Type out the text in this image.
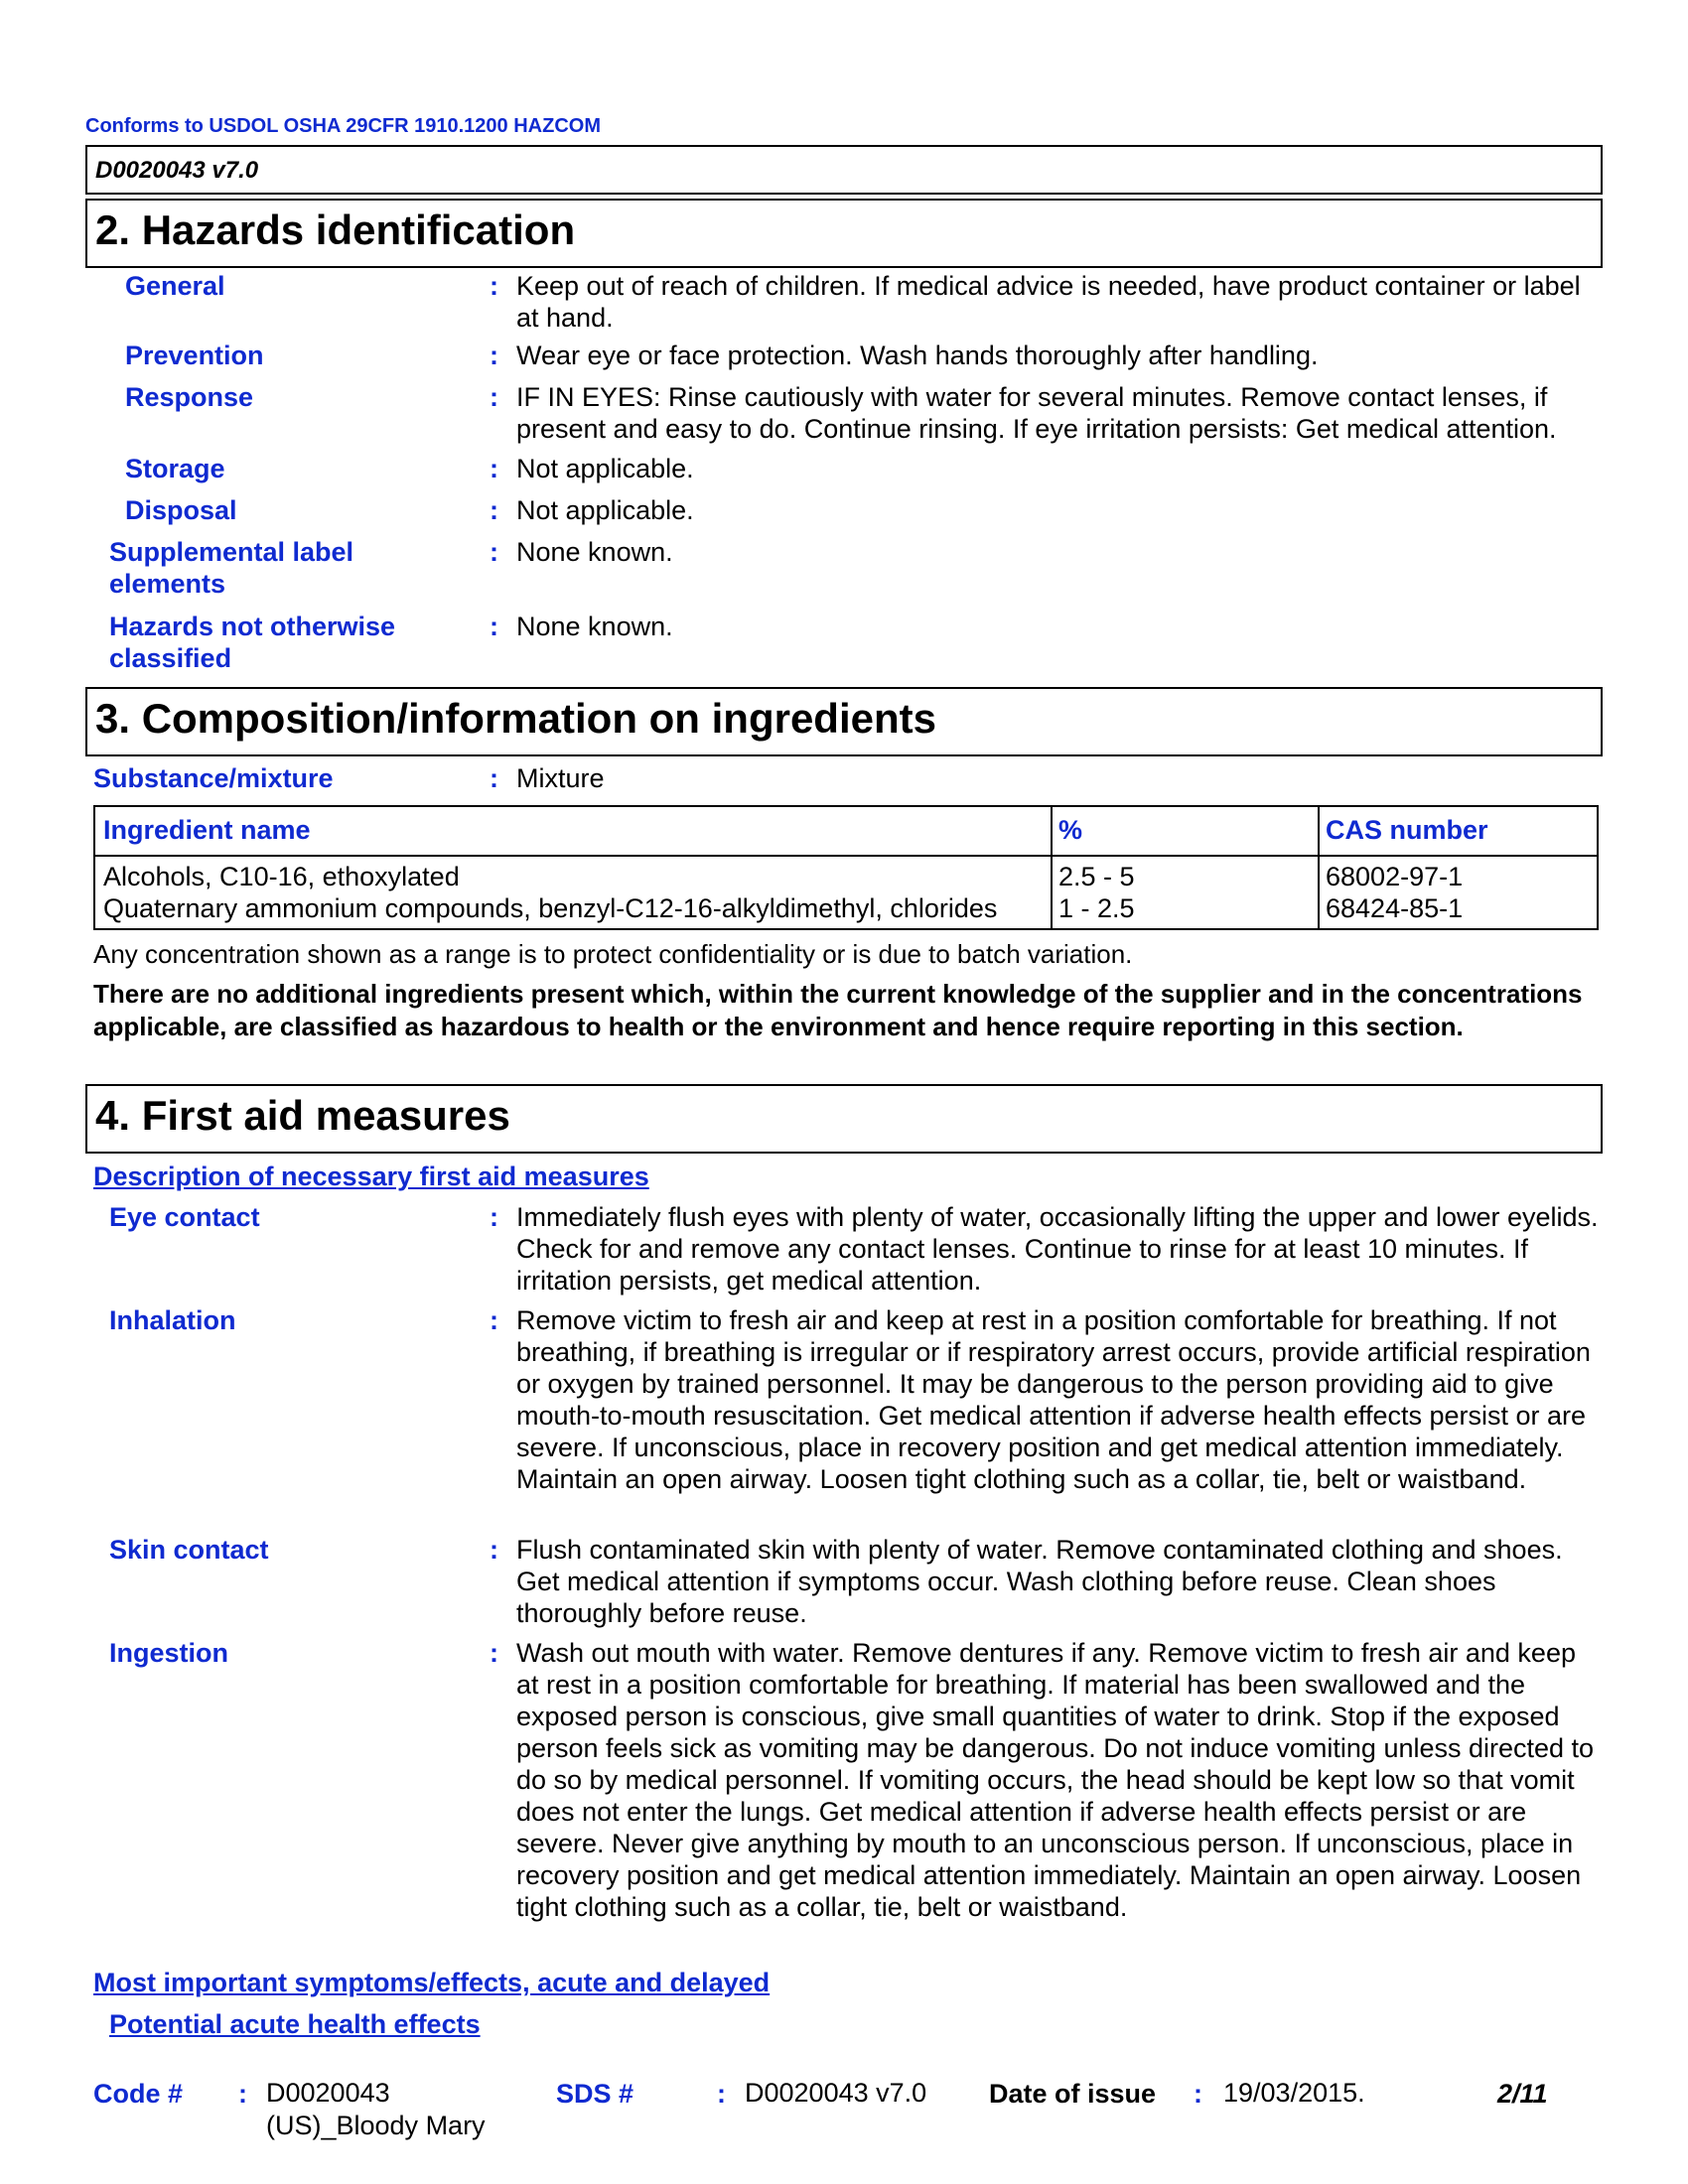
Conforms to USDOL OSHA 29CFR 1910.1200 HAZCOM
D0020043 v7.0
2. Hazards identification
General	: Keep out of reach of children. If medical advice is needed, have product container or label at hand.
Prevention	: Wear eye or face protection. Wash hands thoroughly after handling.
Response	: IF IN EYES: Rinse cautiously with water for several minutes. Remove contact lenses, if present and easy to do. Continue rinsing. If eye irritation persists: Get medical attention.
Storage	: Not applicable.
Disposal	: Not applicable.
Supplemental label elements
: None known.
Hazards not otherwise classified
: None known.
3. Composition/information on ingredients
Substance/mixture	: Mixture
Ingredient name	%	CAS number
Alcohols, C10-16, ethoxylated	2.5 - 5	68002-97-1
Quaternary ammonium compounds, benzyl-C12-16-alkyldimethyl, chlorides 1 - 2.5	68424-85-1
Any concentration shown as a range is to protect confidentiality or is due to batch variation.
There are no additional ingredients present which, within the current knowledge of the supplier and in the concentrations applicable, are classified as hazardous to health or the environment and hence require reporting in this section.
4. First aid measures
Description of necessary first aid measures
Eye contact	: Immediately flush eyes with plenty of water, occasionally lifting the upper and lower eyelids. Check for and remove any contact lenses. Continue to rinse for at least 10 minutes. If irritation persists, get medical attention.
Inhalation	: Remove victim to fresh air and keep at rest in a position comfortable for breathing. If not breathing, if breathing is irregular or if respiratory arrest occurs, provide artificial respiration or oxygen by trained personnel. It may be dangerous to the person providing aid to give mouth-to-mouth resuscitation. Get medical attention if adverse health effects persist or are severe. If unconscious, place in recovery position and get medical attention immediately. Maintain an open airway. Loosen tight clothing such as a collar, tie, belt or waistband.
Skin contact	: Flush contaminated skin with plenty of water. Remove contaminated clothing and shoes. Get medical attention if symptoms occur. Wash clothing before reuse. Clean shoes thoroughly before reuse.
Ingestion	: Wash out mouth with water. Remove dentures if any. Remove victim to fresh air and keep at rest in a position comfortable for breathing. If material has been swallowed and the exposed person is conscious, give small quantities of water to drink. Stop if the exposed person feels sick as vomiting may be dangerous. Do not induce vomiting unless directed to do so by medical personnel. If vomiting occurs, the head should be kept low so that vomit does not enter the lungs. Get medical attention if adverse health effects persist or are severe. Never give anything by mouth to an unconscious person. If unconscious, place in recovery position and get medical attention immediately. Maintain an open airway. Loosen tight clothing such as a collar, tie, belt or waistband.
Most important symptoms/effects, acute and delayed
Potential acute health effects
Code # : D0020043
(US)_Bloody Mary
SDS #	: D0020043 v7.0 Date of issue : 19/03/2015.	2/11
